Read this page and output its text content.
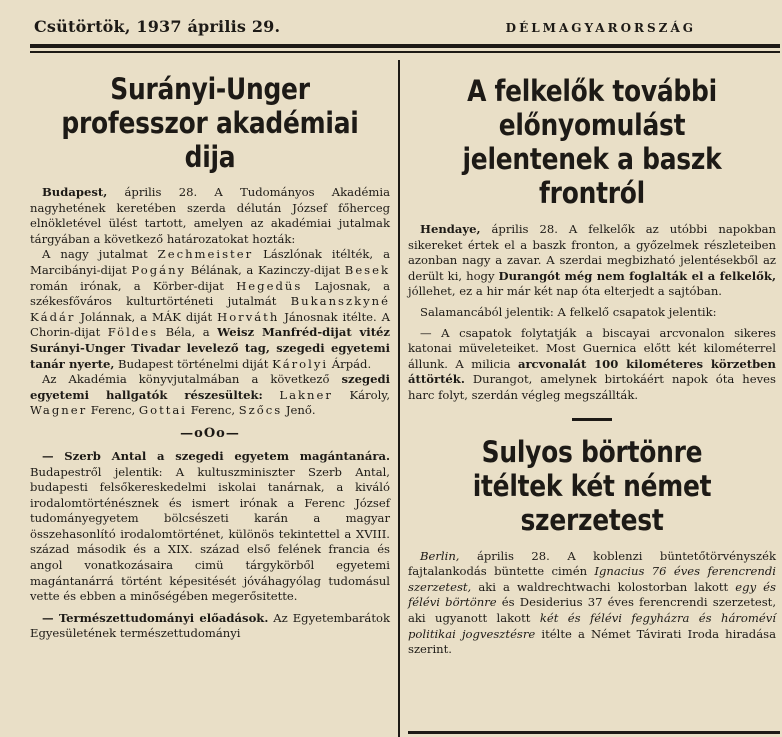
Csütörtök, 1937 április 29.	DÉLMAGYARORSZÁG
Surányi-Unger professzor akadémiai dija

Budapest, április 28. A Tudományos Akadémia nagyhetének keretében szerda délután József főherceg elnökletével ülést tartott, amelyen az akadémiai jutalmak tárgyában a következő határozatokat hozták:

A nagy jutalmat Zechmeister Lászlónak itélték, a Marcibányi-dijat Pogány Bélának, a Kazinczy-dijat Besek román irónak, a Körber-dijat Hegedüs Lajosnak, a székesfőváros kulturtörténeti jutalmát Bukanszkyné Kádár Jolánnak, a MÁK diját Horváth Jánosnak itélte. A Chorin-dijat Földes Béla, a Weisz Manfréd-dijat vitéz Surányi-Unger Tivadar levelező tag, szegedi egyetemi tanár nyerte, Budapest történelmi diját Károlyi Árpád.

Az Akadémia könyvjutalmában a következő szegedi egyetemi hallgatók részesültek: Lakner Károly, Wagner Ferenc, Gottai Ferenc, Szőcs Jenő.

—oOo—

— Szerb Antal a szegedi egyetem magántanára. Budapestről jelentik: A kultuszminiszter Szerb Antal, budapesti felsőkereskedelmi iskolai tanárnak, a kiváló irodalomtörténésznek és ismert irónak a Ferenc József tudományegyetem bölcsészeti karán a magyar összehasonlító irodalomtörténet, különös tekintettel a XVIII. század második és a XIX. század első felének francia és angol vonatkozásaira cimü tárgykörből egyetemi magántanárrá történt képesitését jóváhagyólag tudomásul vette és ebben a minőségében megerősitette.

— Természettudományi előadások. Az Egyetembarátok Egyesületének természettudományi

A felkelők további előnyomulást jelentenek a baszk frontról

Hendaye, április 28. A felkelők az utóbbi napokban sikereket értek el a baszk fronton, a győzelmek részleteiben azonban nagy a zavar. A szerdai megbizható jelentésekből az derült ki, hogy Durangót még nem foglalták el a felkelők, jóllehet, ez a hir már két nap óta elterjedt a sajtóban.

Salamancából jelentik: A felkelő csapatok jelentik:

— A csapatok folytatják a biscayai arcvonalon sikeres katonai müveleteiket. Most Guernica előtt két kilométerrel állunk. A milicia arcvonalát 100 kilométeres körzetben áttörték. Durangot, amelynek birtokáért napok óta heves harc folyt, szerdán végleg megszállták.

Sulyos börtönre itéltek két német szerzetest

Berlin, április 28. A koblenzi büntetőtörvényszék fajtalankodás büntette cimén Ignacius 76 éves ferencrendi szerzetest, aki a waldrechtwachi kolostorban lakott egy és félévi börtönre és Desiderius 37 éves ferencrendi szerzetest, aki ugyanott lakott két és félévi fegyházra és hároméví politikai jogvesztésre itélte a Német Távirati Iroda hiradása szerint.
